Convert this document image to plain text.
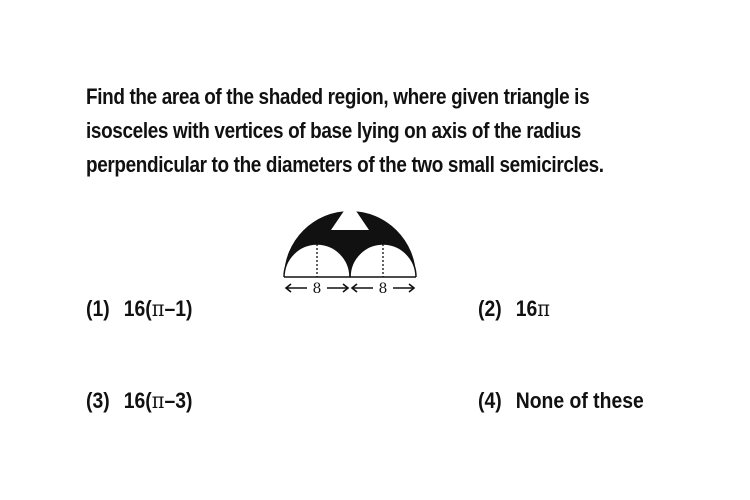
Find the area of the shaded region, where given triangle is
isosceles with vertices of base lying on axis of the radius
perpendicular to the diameters of the two small semicircles.

8	8
(1) 16(π–1)	(2) 16π
(3) 16(π–3)	(4) None of these
